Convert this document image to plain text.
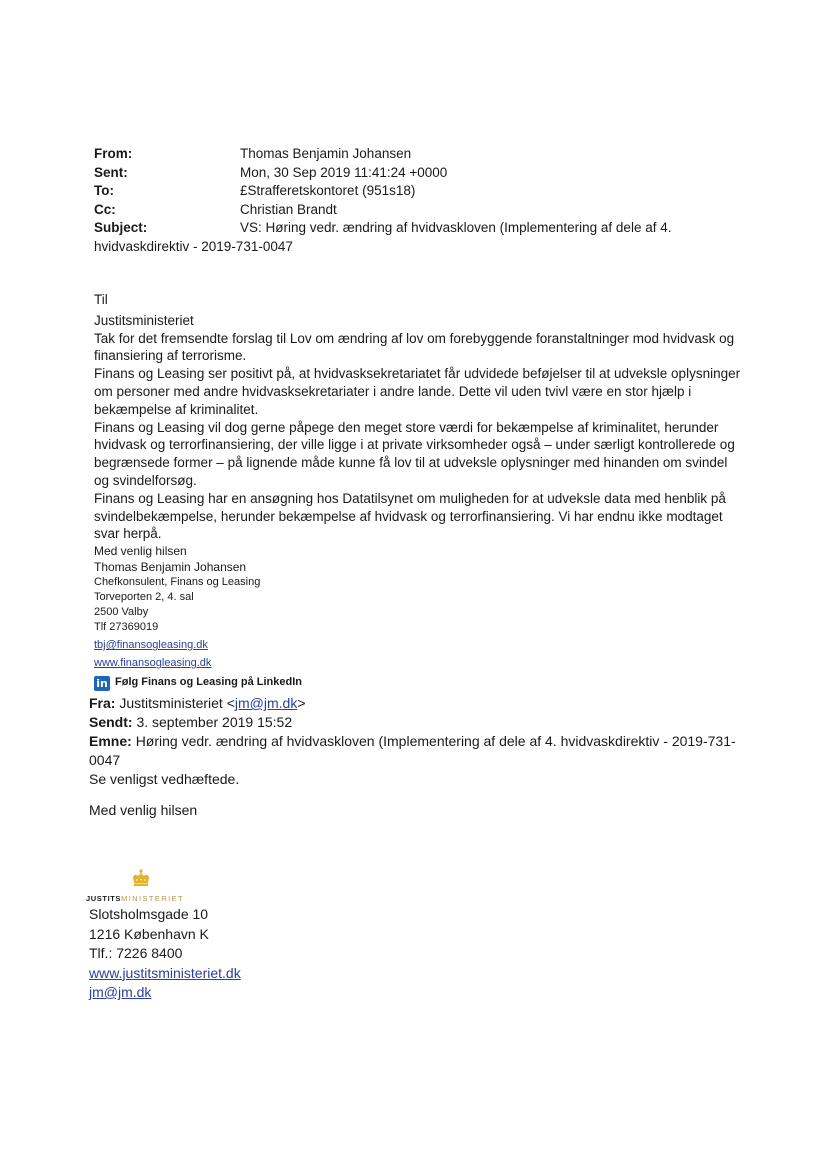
From:	Thomas Benjamin Johansen
Sent:	Mon, 30 Sep 2019 11:41:24 +0000
To:	£Strafferetskontoret (951s18)
Cc:	Christian Brandt
Subject:	VS: Høring vedr. ændring af hvidvaskloven (Implementering af dele af 4.
hvidvaskdirektiv - 2019-731-0047

Til

Justitsministeriet

Tak for det fremsendte forslag til Lov om ændring af lov om forebyggende foranstaltninger mod hvidvask og finansiering af terrorisme.

Finans og Leasing ser positivt på, at hvidvasksekretariatet får udvidede beføjelser til at udveksle oplysninger om personer med andre hvidvasksekretariater i andre lande. Dette vil uden tvivl være en stor hjælp i bekæmpelse af kriminalitet.

Finans og Leasing vil dog gerne påpege den meget store værdi for bekæmpelse af kriminalitet, herunder hvidvask og terrorfinansiering, der ville ligge i at private virksomheder også – under særligt kontrollerede og begrænsede former – på lignende måde kunne få lov til at udveksle oplysninger med hinanden om svindel og svindelforsøg.

Finans og Leasing har en ansøgning hos Datatilsynet om muligheden for at udveksle data med henblik på svindelbekæmpelse, herunder bekæmpelse af hvidvask og terrorfinansiering. Vi har endnu ikke modtaget svar herpå.

Med venlig hilsen

Thomas Benjamin Johansen
Chefkonsulent, Finans og Leasing
Torveporten 2, 4. sal
2500 Valby
Tlf 27369019
tbj@finansogleasing.dk
www.finansogleasing.dk
in Følg Finans og Leasing på LinkedIn

Fra: Justitsministeriet <jm@jm.dk>

Sendt: 3. september 2019 15:52

Emne: Høring vedr. ændring af hvidvaskloven (Implementering af dele af 4. hvidvaskdirektiv - 2019-731-0047

Se venligst vedhæftede.

Med venlig hilsen
JUSTITSMINISTERIET

Slotsholmsgade 10

1216 København K

Tlf.: 7226 8400

www.justitsministeriet.dk

jm@jm.dk
